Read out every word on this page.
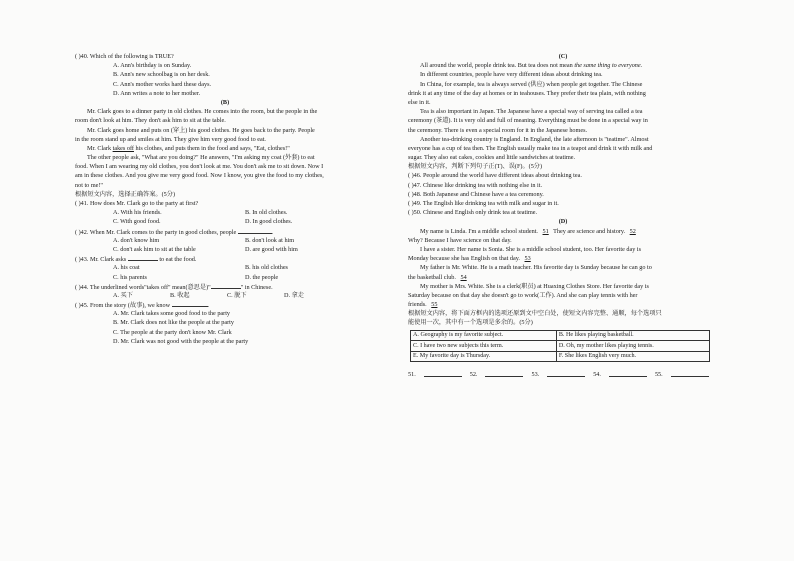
( )40. Which of the following is TRUE?
A. Ann's birthday is on Sunday.
B. Ann's new schoolbag is on her desk.
C. Ann's mother works hard these days.
D. Ann writes a note to her mother.
(B)
Mr. Clark goes to a dinner party in old clothes. He comes into the room, but the people in the
room don't look at him. They don't ask him to sit at the table.
Mr. Clark goes home and puts on (穿上) his good clothes. He goes back to the party. People
in the room stand up and smiles at him. They give him very good food to eat.
Mr. Clark takes off his clothes, and puts them in the food and says, "Eat, clothes!"
The other people ask, "What are you doing?" He answers, "I'm asking my coat (外套) to eat
food. When I am wearing my old clothes, you don't look at me. You don't ask me to sit down. Now I
am in these clothes. And you give me very good food. Now I know, you give the food to my clothes,
not to me!"
根据短文内容，选择正确答案。(5分)
( )41. How does Mr. Clark go to the party at first?
A. With his friends.	B. In old clothes.
C. With good food.	D. In good clothes.
( )42. When Mr. Clark comes to the party in good clothes, people	.
A. don't know him	B. don't look at him
C. don't ask him to sit at the table	D. are good with him
( )43. Mr. Clark asks	to eat the food.
A. his coat	B. his old clothes
C. his parents	D. the people
( )44. The underlined words"takes off" mean(意思是)"	" in Chinese.
A. 买下	B. 收起	C. 脱下	D. 拿走
( )45. From the story (故事), we know	.
A. Mr. Clark takes some good food to the party
B. Mr. Clark does not like the people at the party
C. The people at the party don't know Mr. Clark
D. Mr. Clark was not good with the people at the party
(C)
All around the world, people drink tea. But tea does not mean the same thing to everyone.
In different countries, people have very different ideas about drinking tea.
In China, for example, tea is always served (供应) when people get together. The Chinese
drink it at any time of the day at homes or in teahouses. They prefer their tea plain, with nothing
else in it.
Tea is also important in Japan. The Japanese have a special way of serving tea called a tea
ceremony (茶道). It is very old and full of meaning. Everything must be done in a special way in
the ceremony. There is even a special room for it in the Japanese homes.
Another tea-drinking country is England. In England, the late afternoon is "teatime". Almost
everyone has a cup of tea then. The English usually make tea in a teapot and drink it with milk and
sugar. They also eat cakes, cookies and little sandwiches at teatime.
根据短文内容，判断下列句子正(T)、误(F)。(5分)
( )46. People around the world have different ideas about drinking tea.
( )47. Chinese like drinking tea with nothing else in it.
( )48. Both Japanese and Chinese have a tea ceremony.
( )49. The English like drinking tea with milk and sugar in it.
( )50. Chinese and English only drink tea at teatime.
(D)
My name is Linda. I'm a middle school student. 51 They are science and history. 52
Why? Because I have science on that day.
I have a sister. Her name is Sonia. She is a middle school student, too. Her favorite day is
Monday because she has English on that day. 53
My father is Mr. White. He is a math teacher. His favorite day is Sunday because he can go to
the basketball club. 54
My mother is Mrs. White. She is a clerk(职员) at Huaxing Clothes Store. Her favorite day is
Saturday because on that day she doesn't go to work(工作). And she can play tennis with her
friends. 55
根据短文内容，将下面方框内的选项还原到文中空白处，使短文内容完整、通顺，每个选项只
能使用一次，其中有一个选项是多余的。(5分)
A. Geography is my favorite subject.	B. He likes playing basketball.
C. I have two new subjects this term.	D. Oh, my mother likes playing tennis.
E. My favorite day is Thursday.	F. She likes English very much.
51.	52.	53.	54.	55.
